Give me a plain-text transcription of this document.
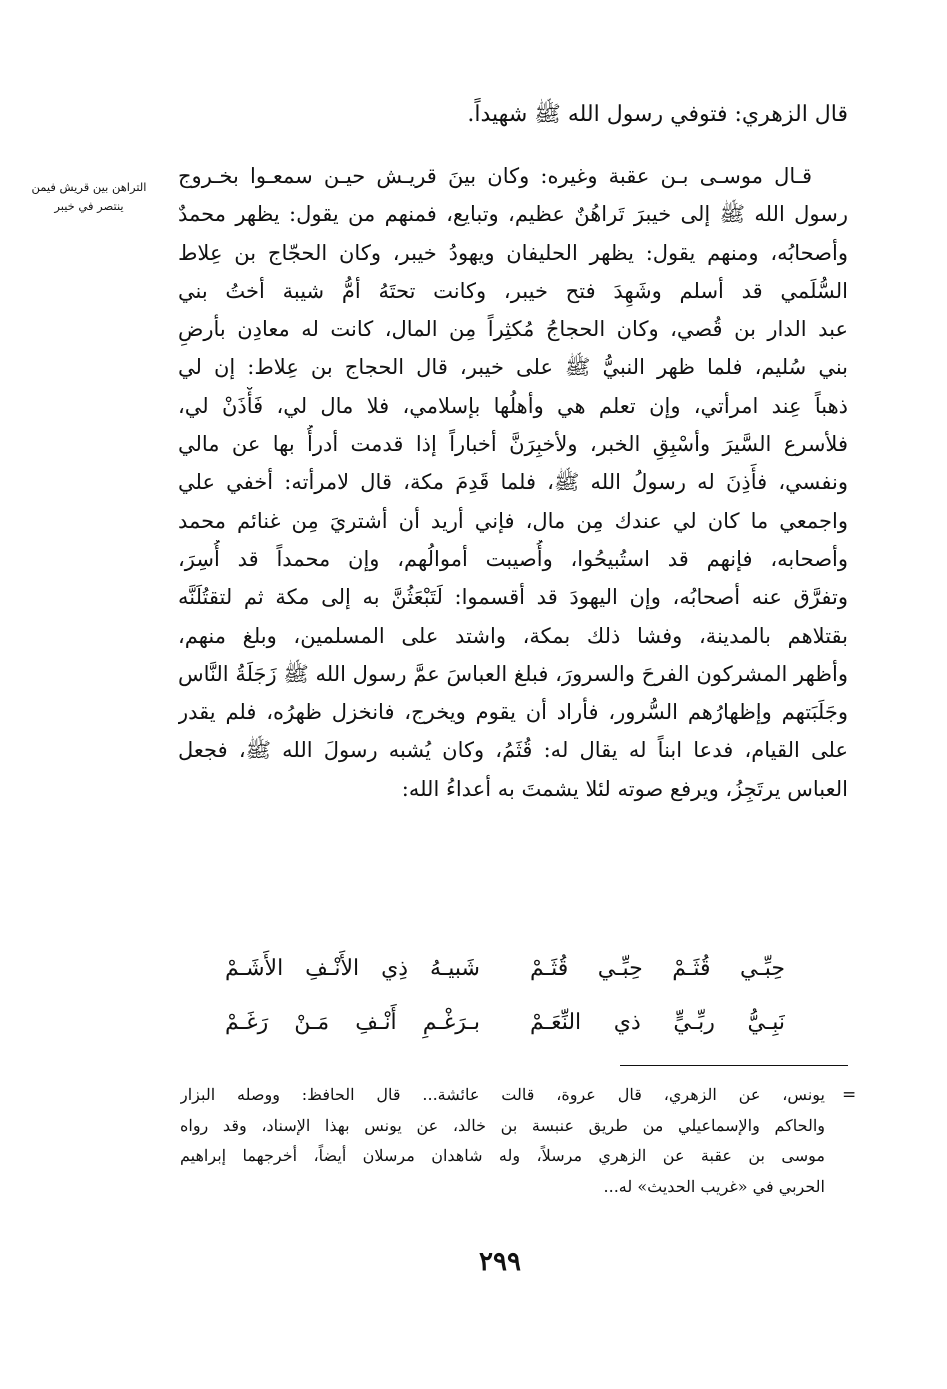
قال الزهري: فتوفي رسول الله ﷺ شهيداً.
التراهن بين قريش فيمن
ينتصر في خيبر
قـال موسـى بـن عقبة وغيره: وكان بينَ قريـش حيـن سمعـوا بخـروج
رسول الله ﷺ إلى خيبرَ تَراهُنٌ عظيم، وتبايع، فمنهم من يقول: يظهر محمدٌ
وأصحابُه، ومنهم يقول: يظهر الحليفان ويهودُ خيبر، وكان الحجّاج بن عِلاط
السُّلَمي قد أسلم وشَهِدَ فتح خيبر، وكانت تحتَهُ أمُّ شيبة أختُ بني
عبد الدار بن قُصي، وكان الحجاجُ مُكثِراً مِن المال، كانت له معادِن بأرضِ
بني سُليم، فلما ظهر النبيُّ ﷺ على خيبر، قال الحجاج بن عِلاط: إن لي
ذهباً عِند امرأتي، وإن تعلم هي وأهلُها بإسلامي، فلا مال لي، فَأْذَنْ لي،
فلأسرع السَّيرَ وأسْبِقِ الخبر، ولأخبِرَنَّ أخباراً إذا قدمت أدرأُ بها عن مالي
ونفسي، فأَذِنَ له رسولُ الله ﷺ، فلما قَدِمَ مكة، قال لامرأته: أخفي علي
واجمعي ما كان لي عندك مِن مال، فإني أريد أن أشتريَ مِن غنائم محمد
وأصحابه، فإنهم قد استُبيحُوا، وأُصيبت أموالُهم، وإن محمداً قد أُسِرَ،
وتفرَّق عنه أصحابُه، وإن اليهودَ قد أقسموا: لَتَبْعَثُنَّ به إلى مكة ثم لتقتُلَنَّه
بقتلاهم بالمدينة، وفشا ذلك بمكة، واشتد على المسلمين، وبلغ منهم،
وأظهر المشركون الفرحَ والسرورَ، فبلغ العباسَ عمَّ رسول الله ﷺ زَجَلَةُ النَّاس
وجَلَبَتهم وإظهارُهم السُّرور، فأراد أن يقوم ويخرج، فانخزل ظهرُه، فلم يقدر
على القيام، فدعا ابناً له يقال له: قُثَمُ، وكان يُشبه رسولَ الله ﷺ، فجعل
العباس يرتَجِزُ، ويرفع صوته لئلا يشمتَ به أعداءُ الله:
حِبِّـي قُثَـمْ حِبِّـي قُثَـمْ
شَبيـهُ ذِي الأَنْـفِ الأَشَـمْ
نَبِـيُّ ربِّـيٍّ ذي النِّعَـمْ
بـرَغْـمِ أَنْـفِ مَـنْ رَغَـمْ
=
يونس، عن الزهري، قال عروة، قالت عائشة... قال الحافظ: ووصله البزار
والحاكم والإسماعيلي من طريق عنبسة بن خالد، عن يونس بهذا الإسناد، وقد رواه
موسى بن عقبة عن الزهري مرسلاً، وله شاهدان مرسلان أيضاً، أخرجهما إبراهيم
الحربي في «غريب الحديث» له...
٢٩٩
